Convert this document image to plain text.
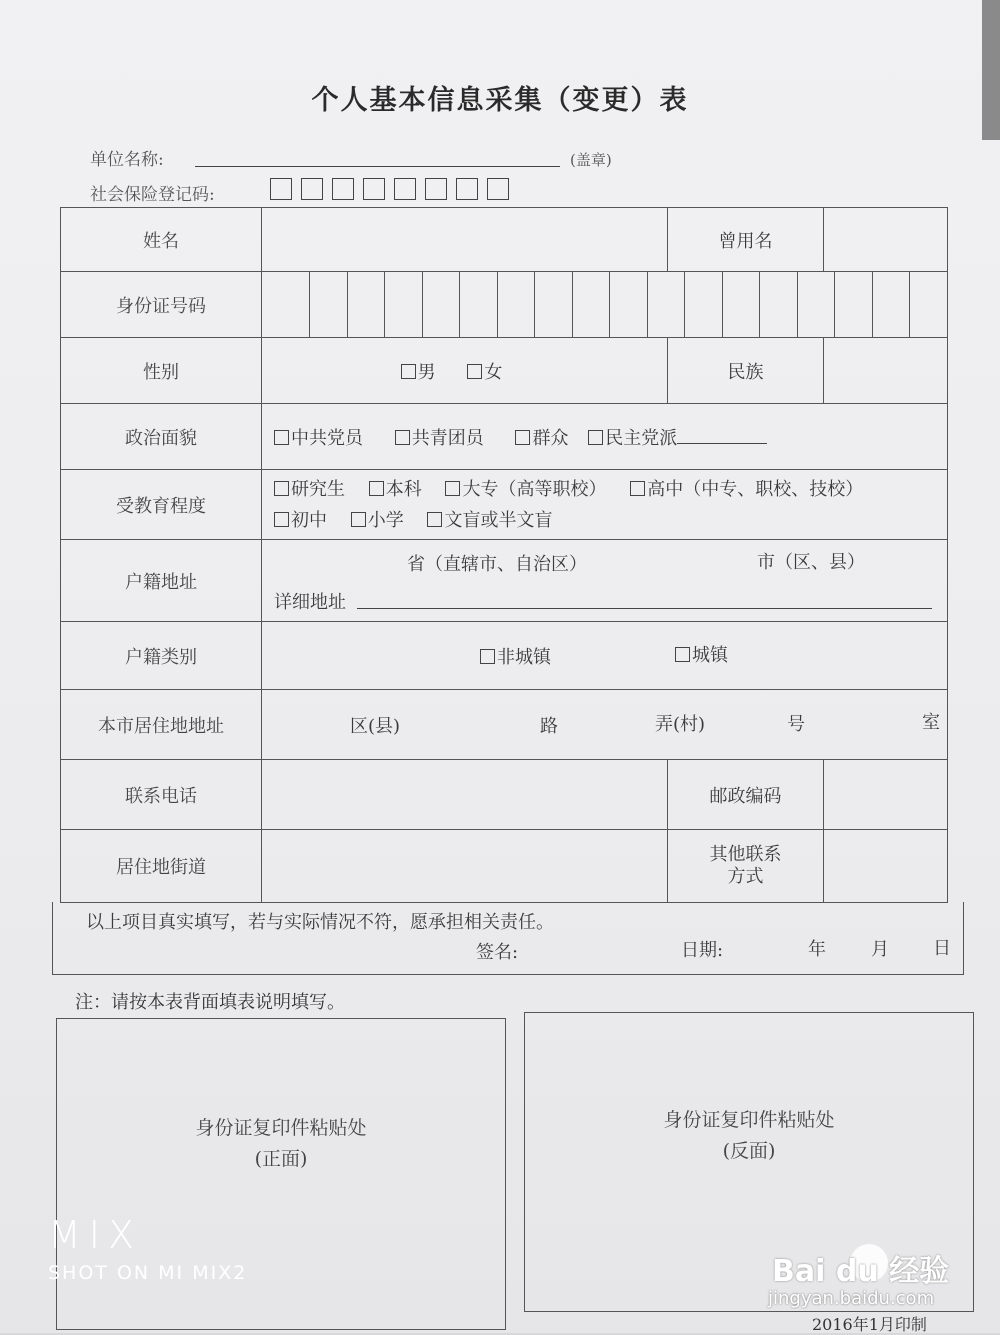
个人基本信息采集（变更）表
单位名称:	(盖章)
社会保险登记码:
姓名		曾用名	
身份证号码			

性别	男 女	民族	
政治面貌	中共党员 共青团员 群众 民主党派		
受教育程度	研究生 本科 大专（高等职校） 高中（中专、职校、技校）
初中 小学 文盲或半文盲		

户籍地址	省（直辖市、自治区） 市（区、县）
详细地址		

户籍类别	非城镇 城镇		

本市居住地地址	区(县) 路 弄(村) 号 室		

联系电话		邮政编码	
居住地街道		其他联系方式	

以上项目真实填写，若与实际情况不符，愿承担相关责任。
签名:	日期:	年	月 日
注：请按本表背面填表说明填写。
身份证复印件粘贴处
(正面)
身份证复印件粘贴处
(反面)
2016年1月印制
MIX
SHOT ON MI MIX2	Bai du 经验
jingyan.baidu.com
